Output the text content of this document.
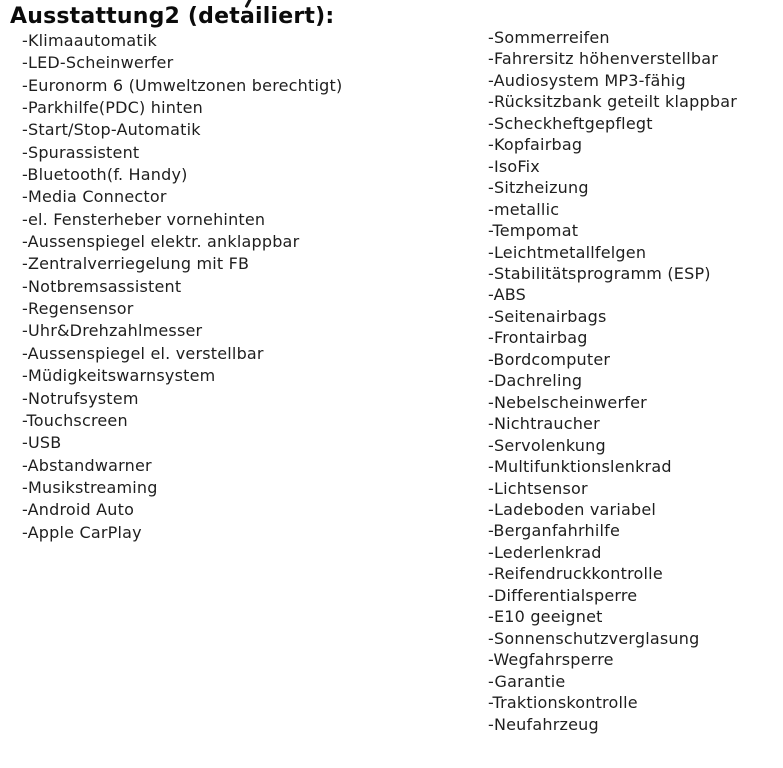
Ausstattung2 (detailiert):
-Klimaautomatik
-LED-Scheinwerfer
-Euronorm 6 (Umweltzonen berechtigt)
-Parkhilfe(PDC) hinten
-Start/Stop-Automatik
-Spurassistent
-Bluetooth(f. Handy)
-Media Connector
-el. Fensterheber vornehinten
-Aussenspiegel elektr. anklappbar
-Zentralverriegelung mit FB
-Notbremsassistent
-Regensensor
-Uhr&Drehzahlmesser
-Aussenspiegel el. verstellbar
-Müdigkeitswarnsystem
-Notrufsystem
-Touchscreen
-USB
-Abstandwarner
-Musikstreaming
-Android Auto
-Apple CarPlay
-Sommerreifen
-Fahrersitz höhenverstellbar
-Audiosystem MP3-fähig
-Rücksitzbank geteilt klappbar
-Scheckheftgepflegt
-Kopfairbag
-IsoFix
-Sitzheizung
-metallic
-Tempomat
-Leichtmetallfelgen
-Stabilitätsprogramm (ESP)
-ABS
-Seitenairbags
-Frontairbag
-Bordcomputer
-Dachreling
-Nebelscheinwerfer
-Nichtraucher
-Servolenkung
-Multifunktionslenkrad
-Lichtsensor
-Ladeboden variabel
-Berganfahrhilfe
-Lederlenkrad
-Reifendruckkontrolle
-Differentialsperre
-E10 geeignet
-Sonnenschutzverglasung
-Wegfahrsperre
-Garantie
-Traktionskontrolle
-Neufahrzeug
